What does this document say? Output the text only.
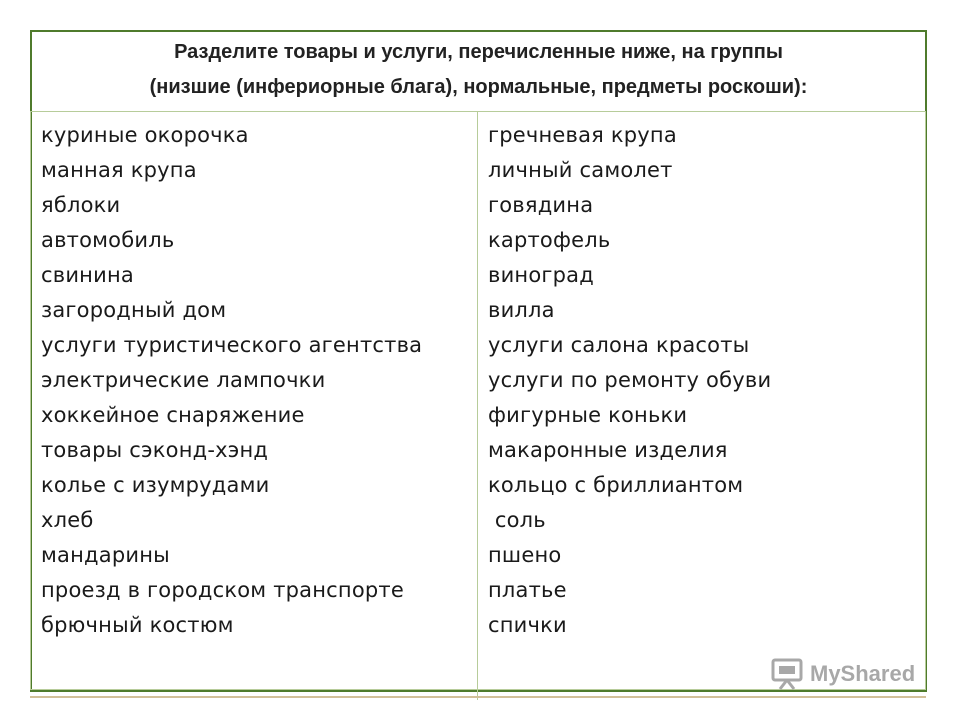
Разделите товары и услуги, перечисленные ниже, на группы
(низшие (инфериорные блага), нормальные, предметы роскоши):
куриные окорочка
манная крупа
яблоки
автомобиль
свинина
загородный дом
услуги туристического агентства
электрические лампочки
хоккейное снаряжение
товары сэконд-хэнд
колье с изумрудами
хлеб
мандарины
проезд в городском транспорте
брючный костюм
гречневая крупа
личный самолет
говядина
картофель
виноград
вилла
услуги салона красоты
услуги по ремонту обуви
фигурные коньки
макаронные изделия
кольцо с бриллиантом
соль
пшено
платье
спички
MyShared
